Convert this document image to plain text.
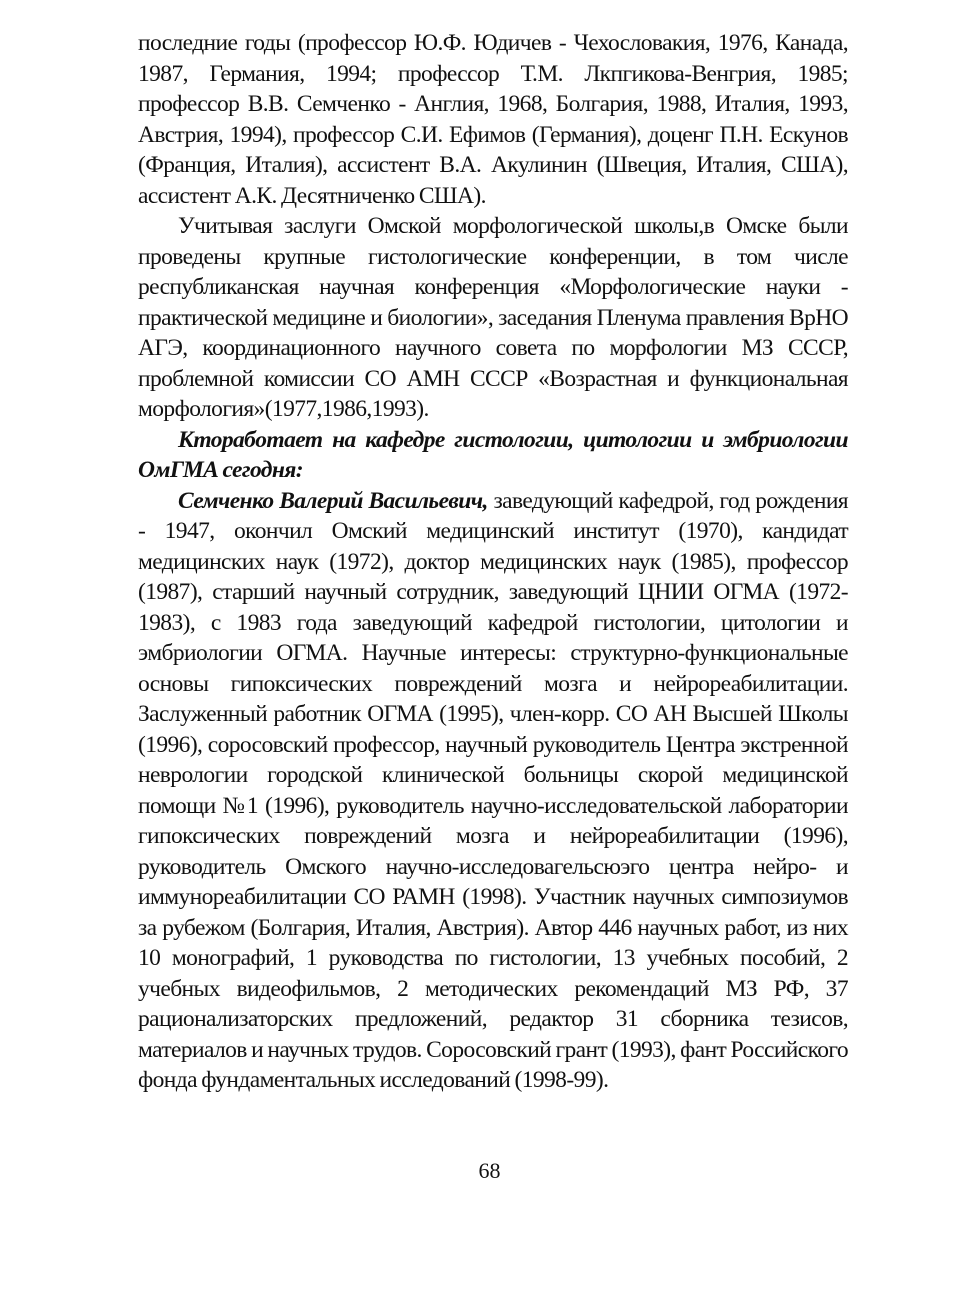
последние годы (профессор Ю.Ф. Юдичев - Чехословакия, 1976, Канада, 1987, Германия, 1994; профессор Т.М. Лкпгикова-Венгрия, 1985; профессор В.В. Семченко - Англия, 1968, Болгария, 1988, Италия, 1993, Австрия, 1994), профессор С.И. Ефимов (Германия), доценг П.Н. Ескунов (Франция, Италия), ассистент В.А. Акулинин (Швеция, Италия, США), ассистент А.К. Десятниченко США).

Учитывая заслуги Омской морфологической школы,в Омске были проведены крупные гистологические конференции, в том числе республиканская научная конференция «Морфологические науки - практической медицине и биологии», заседания Пленума правления ВрНО АГЭ, координационного научного совета по морфологии МЗ СССР, проблемной комиссии СО АМН СССР «Возрастная и функциональная морфология»(1977,1986,1993).

Кторабoтает на кафедре гистологии, цитологии и эмбриологии ОмГМА сегодня:

Семченко Валерий Васильевич, заведующий кафедрой, год рождения - 1947, окончил Омский медицинский институт (1970), кандидат медицинских наук (1972), доктор медицинских наук (1985), профессор (1987), старший научный сотрудник, заведующий ЦНИИ ОГМА (1972-1983), с 1983 года заведующий кафедрой гистологии, цитологии и эмбриологии ОГМА. Научные интересы: структурно-функциональные основы гипоксических повреждений мозга и нейрореабилитации. Заслуженный работник ОГМА (1995), член-корр. СО АН Высшей Школы (1996), соросовский профессор, научный руководитель Центра экстренной неврологии городской клинической больницы скорой медицинской помощи №1 (1996), руководитель научно-исследовательской лаборатории гипоксических повреждений мозга и нейрореабилитации (1996), руководитель Омского научно-исследовагельсюэго центра нейро- и иммунореабилитации СО РАМН (1998). Участник научных симпозиумов за рубежом (Болгария, Италия, Австрия). Автор 446 научных работ, из них 10 монографий, 1 руководства по гистологии, 13 учебных пособий, 2 учебных видеофильмов, 2 методических рекомендаций МЗ РФ, 37 рационализаторских предложений, редактор 31 сборника тезисов, материалов и научных трудов. Соросовский грант (1993), фант Российского фонда фундаментальных исследований (1998-99).

68
